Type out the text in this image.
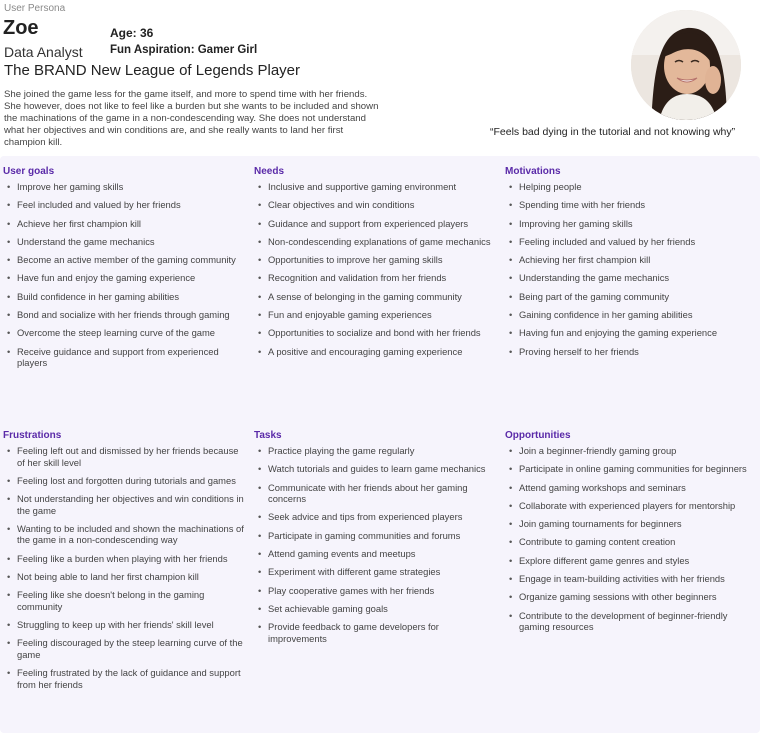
User Persona
Zoe
Data Analyst
The BRAND New League of Legends Player
Age: 36
Fun Aspiration: Gamer Girl
She joined the game less for the game itself, and more to spend time with her friends. She however, does not like to feel like a burden but she wants to be included and shown the machinations of the game in a non-condescending way. She does not understand what her objectives and win conditions are, and she really wants to land her first champion kill.
“Feels bad dying in the tutorial and not knowing why”
User goals
• Improve her gaming skills
• Feel included and valued by her friends
• Achieve her first champion kill
• Understand the game mechanics
• Become an active member of the gaming community
• Have fun and enjoy the gaming experience
• Build confidence in her gaming abilities
• Bond and socialize with her friends through gaming
• Overcome the steep learning curve of the game
• Receive guidance and support from experienced players
Needs
• Inclusive and supportive gaming environment
• Clear objectives and win conditions
• Guidance and support from experienced players
• Non-condescending explanations of game mechanics
• Opportunities to improve her gaming skills
• Recognition and validation from her friends
• A sense of belonging in the gaming community
• Fun and enjoyable gaming experiences
• Opportunities to socialize and bond with her friends
• A positive and encouraging gaming experience
Motivations
• Helping people
• Spending time with her friends
• Improving her gaming skills
• Feeling included and valued by her friends
• Achieving her first champion kill
• Understanding the game mechanics
• Being part of the gaming community
• Gaining confidence in her gaming abilities
• Having fun and enjoying the gaming experience
• Proving herself to her friends
Frustrations
• Feeling left out and dismissed by her friends because of her skill level
• Feeling lost and forgotten during tutorials and games
• Not understanding her objectives and win conditions in the game
• Wanting to be included and shown the machinations of the game in a non-condescending way
• Feeling like a burden when playing with her friends
• Not being able to land her first champion kill
• Feeling like she doesn't belong in the gaming community
• Struggling to keep up with her friends' skill level
• Feeling discouraged by the steep learning curve of the game
• Feeling frustrated by the lack of guidance and support from her friends
Tasks
• Practice playing the game regularly
• Watch tutorials and guides to learn game mechanics
• Communicate with her friends about her gaming concerns
• Seek advice and tips from experienced players
• Participate in gaming communities and forums
• Attend gaming events and meetups
• Experiment with different game strategies
• Play cooperative games with her friends
• Set achievable gaming goals
• Provide feedback to game developers for improvements
Opportunities
• Join a beginner-friendly gaming group
• Participate in online gaming communities for beginners
• Attend gaming workshops and seminars
• Collaborate with experienced players for mentorship
• Join gaming tournaments for beginners
• Contribute to gaming content creation
• Explore different game genres and styles
• Engage in team-building activities with her friends
• Organize gaming sessions with other beginners
• Contribute to the development of beginner-friendly gaming resources
